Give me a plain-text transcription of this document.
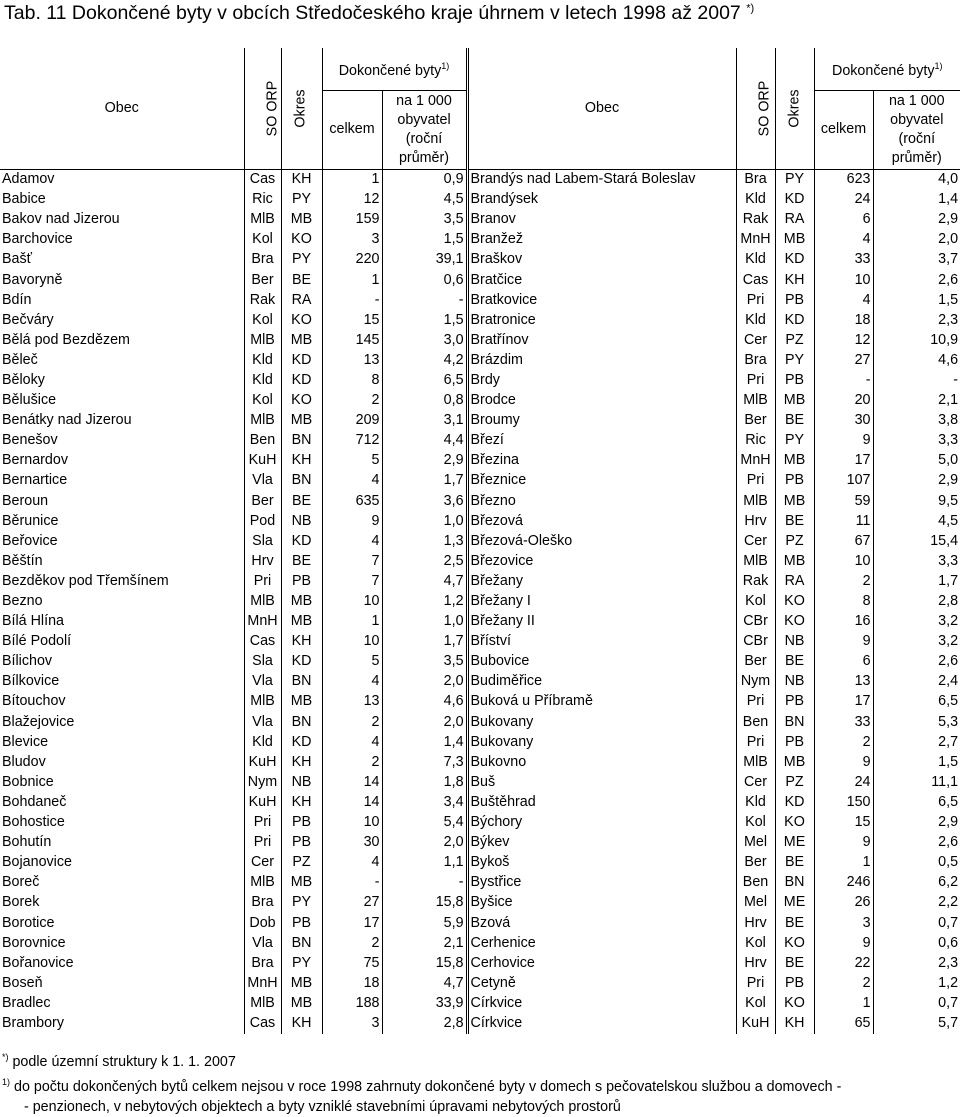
Tab. 11 Dokončené byty v obcích Středočeského kraje úhrnem v letech 1998 až 2007 *)
Obec	SO ORP	Okres	Dokončené byty$^{1)}$		Obec	SO ORP	Okres	Dokončené byty$^{1)}$
			celkem	na 1 000 obyvatel (roční průměr)				celkem	na 1 000 obyvatel (roční průměr)

Adamov	Cas	KH	1	0,9	Brandýs nad Labem-Stará Boleslav	Bra	PY	623	4,0
Babice	Ric	PY	12	4,5	Brandýsek	Kld	KD	24	1,4
Bakov nad Jizerou	MlB	MB	159	3,5	Branov	Rak	RA	6	2,9
Barchovice	Kol	KO	3	1,5	Branžež	MnH	MB	4	2,0
Bašť	Bra	PY	220	39,1	Braškov	Kld	KD	33	3,7
Bavoryně	Ber	BE	1	0,6	Bratčice	Cas	KH	10	2,6
Bdín	Rak	RA	-	-	Bratkovice	Pri	PB	4	1,5
Bečváry	Kol	KO	15	1,5	Bratronice	Kld	KD	18	2,3
Bělá pod Bezdězem	MlB	MB	145	3,0	Bratřínov	Cer	PZ	12	10,9
Běleč	Kld	KD	13	4,2	Brázdim	Bra	PY	27	4,6
Běloky	Kld	KD	8	6,5	Brdy	Pri	PB	-	-
Bělušice	Kol	KO	2	0,8	Brodce	MlB	MB	20	2,1
Benátky nad Jizerou	MlB	MB	209	3,1	Broumy	Ber	BE	30	3,8
Benešov	Ben	BN	712	4,4	Březí	Ric	PY	9	3,3
Bernardov	KuH	KH	5	2,9	Březina	MnH	MB	17	5,0
Bernartice	Vla	BN	4	1,7	Březnice	Pri	PB	107	2,9
Beroun	Ber	BE	635	3,6	Březno	MlB	MB	59	9,5
Běrunice	Pod	NB	9	1,0	Březová	Hrv	BE	11	4,5
Beřovice	Sla	KD	4	1,3	Březová-Oleško	Cer	PZ	67	15,4
Běštín	Hrv	BE	7	2,5	Březovice	MlB	MB	10	3,3
Bezděkov pod Třemšínem	Pri	PB	7	4,7	Břežany	Rak	RA	2	1,7
Bezno	MlB	MB	10	1,2	Břežany I	Kol	KO	8	2,8
Bílá Hlína	MnH	MB	1	1,0	Břežany II	CBr	KO	16	3,2
Bílé Podolí	Cas	KH	10	1,7	Bříství	CBr	NB	9	3,2
Bílichov	Sla	KD	5	3,5	Bubovice	Ber	BE	6	2,6
Bílkovice	Vla	BN	4	2,0	Budiměřice	Nym	NB	13	2,4
Bítouchov	MlB	MB	13	4,6	Buková u Příbramě	Pri	PB	17	6,5
Blažejovice	Vla	BN	2	2,0	Bukovany	Ben	BN	33	5,3
Blevice	Kld	KD	4	1,4	Bukovany	Pri	PB	2	2,7
Bludov	KuH	KH	2	7,3	Bukovno	MlB	MB	9	1,5
Bobnice	Nym	NB	14	1,8	Buš	Cer	PZ	24	11,1
Bohdaneč	KuH	KH	14	3,4	Buštěhrad	Kld	KD	150	6,5
Bohostice	Pri	PB	10	5,4	Býchory	Kol	KO	15	2,9
Bohutín	Pri	PB	30	2,0	Býkev	Mel	ME	9	2,6
Bojanovice	Cer	PZ	4	1,1	Bykoš	Ber	BE	1	0,5
Boreč	MlB	MB	-	-	Bystřice	Ben	BN	246	6,2
Borek	Bra	PY	27	15,8	Byšice	Mel	ME	26	2,2
Borotice	Dob	PB	17	5,9	Bzová	Hrv	BE	3	0,7
Borovnice	Vla	BN	2	2,1	Cerhenice	Kol	KO	9	0,6
Bořanovice	Bra	PY	75	15,8	Cerhovice	Hrv	BE	22	2,3
Boseň	MnH	MB	18	4,7	Cetyně	Pri	PB	2	1,2
Bradlec	MlB	MB	188	33,9	Církvice	Kol	KO	1	0,7
Brambory	Cas	KH	3	2,8	Církvice	KuH	KH	65	5,7
*) podle územní struktury k 1. 1. 2007
$^{1)}$ do počtu dokončených bytů celkem nejsou v roce 1998 zahrnuty dokončené byty v domech s pečovatelskou službou a domovech -
- penzionech, v nebytových objektech a byty vzniklé stavebními úpravami nebytových prostorů
